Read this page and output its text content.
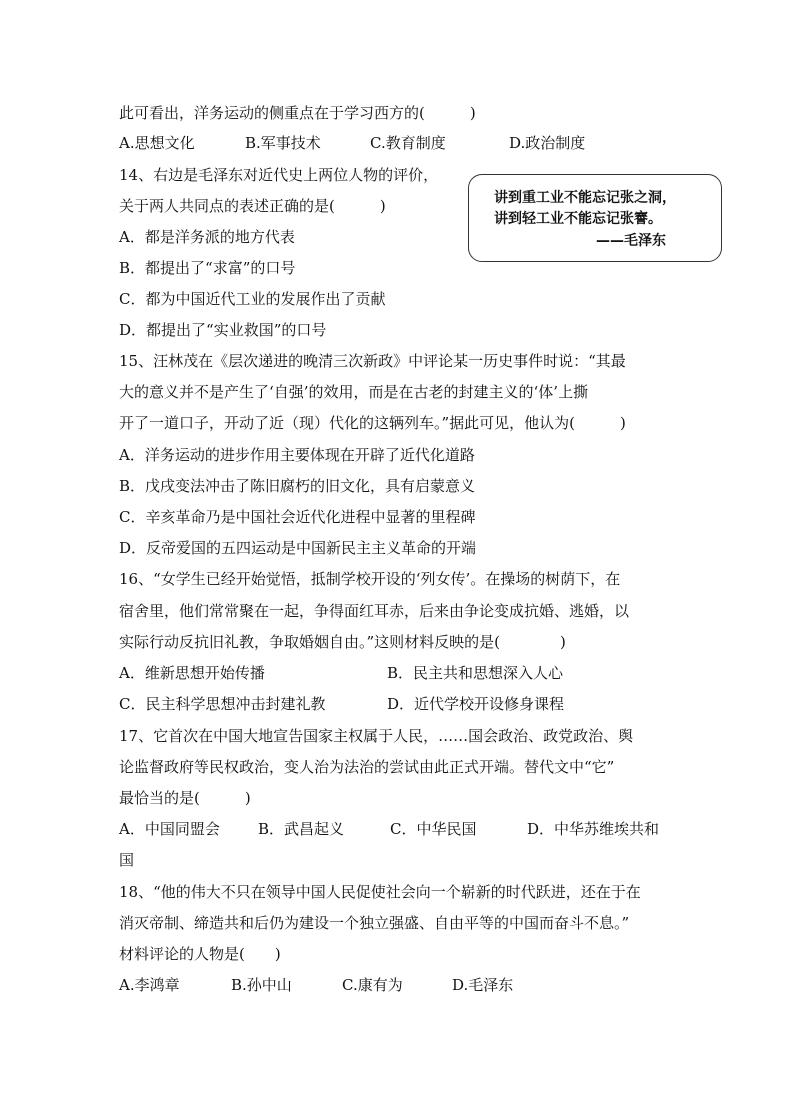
此可看出，洋务运动的侧重点在于学习西方的(　　　)
A.思想文化	B.军事技术	C.教育制度	D.政治制度
14、右边是毛泽东对近代史上两位人物的评价，
关于两人共同点的表述正确的是(　　　)
A．都是洋务派的地方代表
B．都提出了“求富”的口号
C．都为中国近代工业的发展作出了贡献
D．都提出了“实业救国”的口号
讲到重工业不能忘记张之洞，
讲到轻工业不能忘记张謇。
——毛泽东
15、汪林茂在《层次递进的晚清三次新政》中评论某一历史事件时说：“其最
大的意义并不是产生了‘自强’的效用，而是在古老的封建主义的‘体’上撕
开了一道口子，开动了近（现）代化的这辆列车。”据此可见，他认为(　　　)
A．洋务运动的进步作用主要体现在开辟了近代化道路
B．戊戌变法冲击了陈旧腐朽的旧文化，具有启蒙意义
C．辛亥革命乃是中国社会近代化进程中显著的里程碑
D．反帝爱国的五四运动是中国新民主主义革命的开端
16、“女学生已经开始觉悟，抵制学校开设的‘列女传’。在操场的树荫下，在
宿舍里，他们常常聚在一起，争得面红耳赤，后来由争论变成抗婚、逃婚，以
实际行动反抗旧礼教，争取婚姻自由。”这则材料反映的是(　　　　)
A．维新思想开始传播	B．民主共和思想深入人心
C．民主科学思想冲击封建礼教	D．近代学校开设修身课程
17、它首次在中国大地宣告国家主权属于人民，……国会政治、政党政治、舆
论监督政府等民权政治，变人治为法治的尝试由此正式开端。替代文中“它”
最恰当的是(　　　)
A．中国同盟会	B．武昌起义	C．中华民国	D．中华苏维埃共和
国
18、“他的伟大不只在领导中国人民促使社会向一个崭新的时代跃进，还在于在
消灭帝制、缔造共和后仍为建设一个独立强盛、自由平等的中国而奋斗不息。”
材料评论的人物是(　　)
A.李鸿章	B.孙中山	C.康有为	D.毛泽东
